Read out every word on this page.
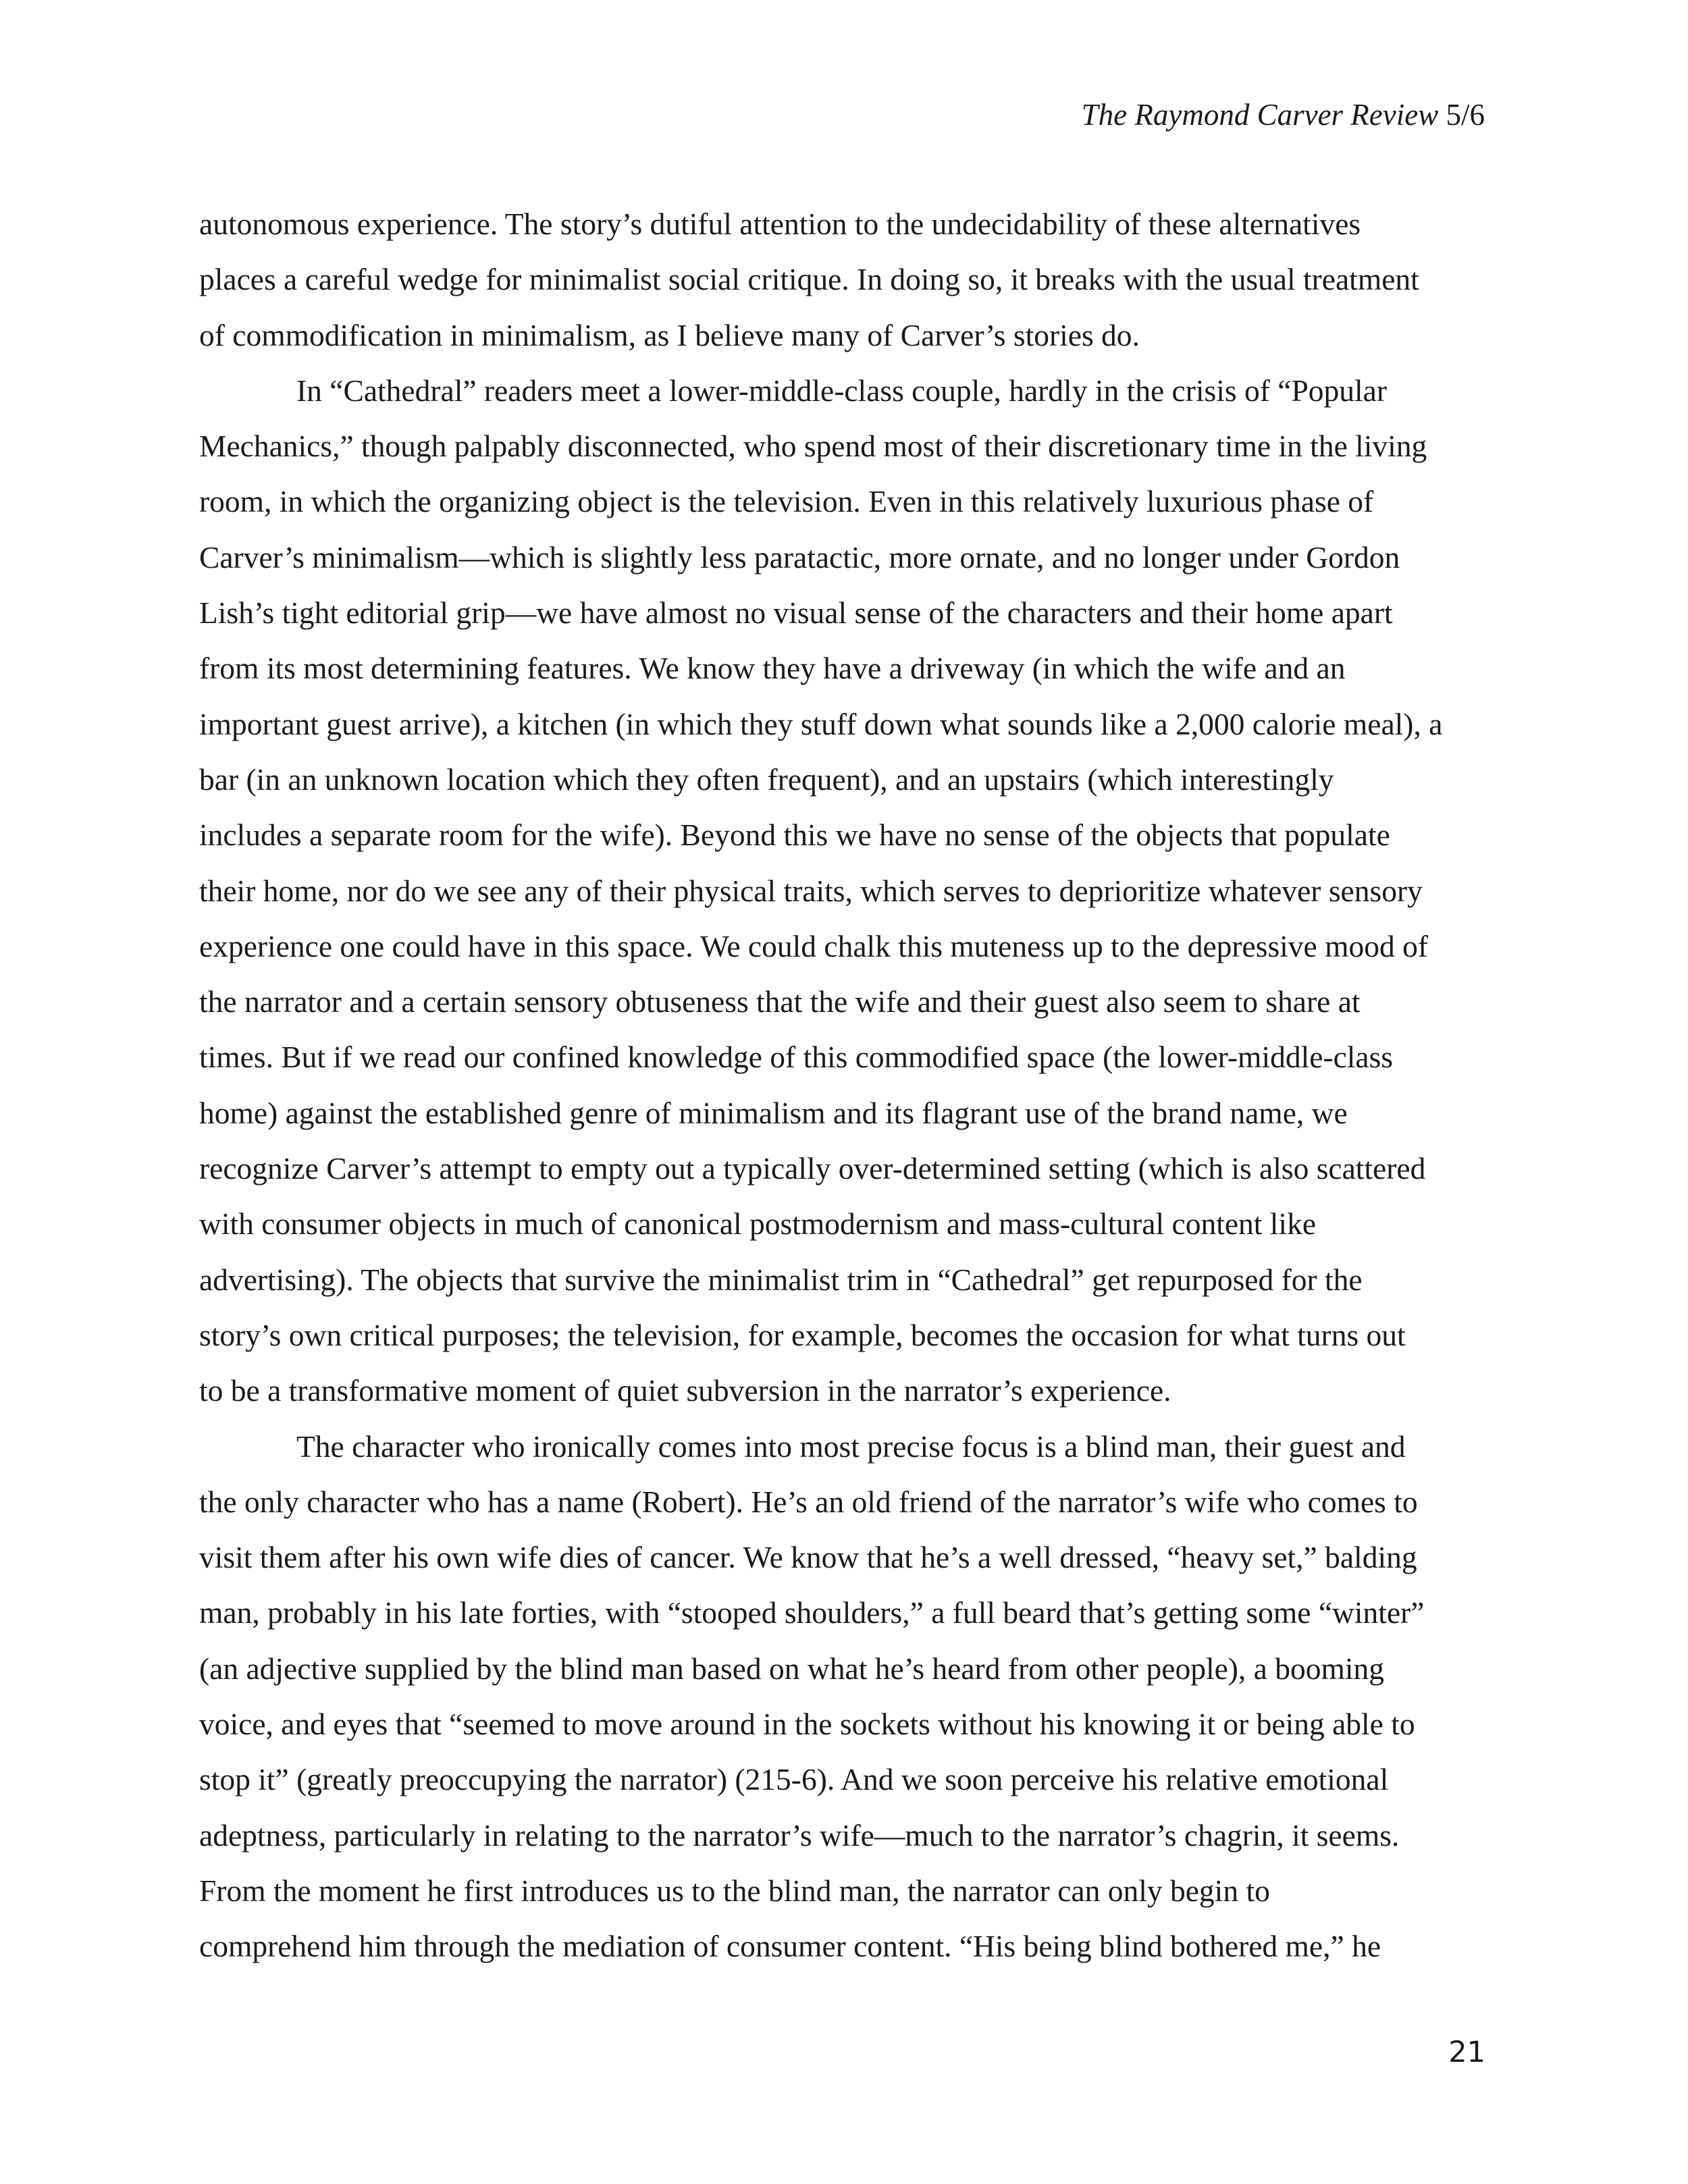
The Raymond Carver Review 5/6
autonomous experience. The story’s dutiful attention to the undecidability of these alternatives
places a careful wedge for minimalist social critique. In doing so, it breaks with the usual treatment
of commodification in minimalism, as I believe many of Carver’s stories do.
In “Cathedral” readers meet a lower-middle-class couple, hardly in the crisis of “Popular
Mechanics,” though palpably disconnected, who spend most of their discretionary time in the living
room, in which the organizing object is the television. Even in this relatively luxurious phase of
Carver’s minimalism—which is slightly less paratactic, more ornate, and no longer under Gordon
Lish’s tight editorial grip—we have almost no visual sense of the characters and their home apart
from its most determining features. We know they have a driveway (in which the wife and an
important guest arrive), a kitchen (in which they stuff down what sounds like a 2,000 calorie meal), a
bar (in an unknown location which they often frequent), and an upstairs (which interestingly
includes a separate room for the wife). Beyond this we have no sense of the objects that populate
their home, nor do we see any of their physical traits, which serves to deprioritize whatever sensory
experience one could have in this space. We could chalk this muteness up to the depressive mood of
the narrator and a certain sensory obtuseness that the wife and their guest also seem to share at
times. But if we read our confined knowledge of this commodified space (the lower-middle-class
home) against the established genre of minimalism and its flagrant use of the brand name, we
recognize Carver’s attempt to empty out a typically over-determined setting (which is also scattered
with consumer objects in much of canonical postmodernism and mass-cultural content like
advertising). The objects that survive the minimalist trim in “Cathedral” get repurposed for the
story’s own critical purposes; the television, for example, becomes the occasion for what turns out
to be a transformative moment of quiet subversion in the narrator’s experience.
The character who ironically comes into most precise focus is a blind man, their guest and
the only character who has a name (Robert). He’s an old friend of the narrator’s wife who comes to
visit them after his own wife dies of cancer. We know that he’s a well dressed, “heavy set,” balding
man, probably in his late forties, with “stooped shoulders,” a full beard that’s getting some “winter”
(an adjective supplied by the blind man based on what he’s heard from other people), a booming
voice, and eyes that “seemed to move around in the sockets without his knowing it or being able to
stop it” (greatly preoccupying the narrator) (215-6). And we soon perceive his relative emotional
adeptness, particularly in relating to the narrator’s wife—much to the narrator’s chagrin, it seems.
From the moment he first introduces us to the blind man, the narrator can only begin to
comprehend him through the mediation of consumer content. “His being blind bothered me,” he
21
